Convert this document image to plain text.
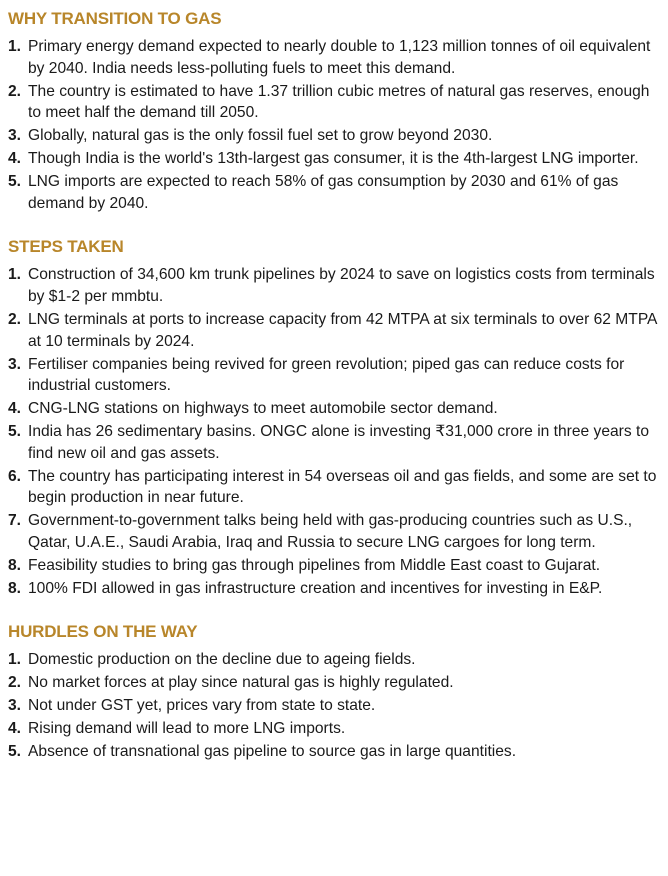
WHY TRANSITION TO GAS
1. Primary energy demand expected to nearly double to 1,123 million tonnes of oil equivalent by 2040. India needs less-polluting fuels to meet this demand.
2. The country is estimated to have 1.37 trillion cubic metres of natural gas reserves, enough to meet half the demand till 2050.
3. Globally, natural gas is the only fossil fuel set to grow beyond 2030.
4. Though India is the world's 13th-largest gas consumer, it is the 4th-largest LNG importer.
5. LNG imports are expected to reach 58% of gas consumption by 2030 and 61% of gas demand by 2040.
STEPS TAKEN
1. Construction of 34,600 km trunk pipelines by 2024 to save on logistics costs from terminals by $1-2 per mmbtu.
2. LNG terminals at ports to increase capacity from 42 MTPA at six terminals to over 62 MTPA at 10 terminals by 2024.
3. Fertiliser companies being revived for green revolution; piped gas can reduce costs for industrial customers.
4. CNG-LNG stations on highways to meet automobile sector demand.
5. India has 26 sedimentary basins. ONGC alone is investing ₹31,000 crore in three years to find new oil and gas assets.
6. The country has participating interest in 54 overseas oil and gas fields, and some are set to begin production in near future.
7. Government-to-government talks being held with gas-producing countries such as U.S., Qatar, U.A.E., Saudi Arabia, Iraq and Russia to secure LNG cargoes for long term.
8. Feasibility studies to bring gas through pipelines from Middle East coast to Gujarat.
8. 100% FDI allowed in gas infrastructure creation and incentives for investing in E&P.
HURDLES ON THE WAY
1. Domestic production on the decline due to ageing fields.
2. No market forces at play since natural gas is highly regulated.
3. Not under GST yet, prices vary from state to state.
4. Rising demand will lead to more LNG imports.
5. Absence of transnational gas pipeline to source gas in large quantities.
